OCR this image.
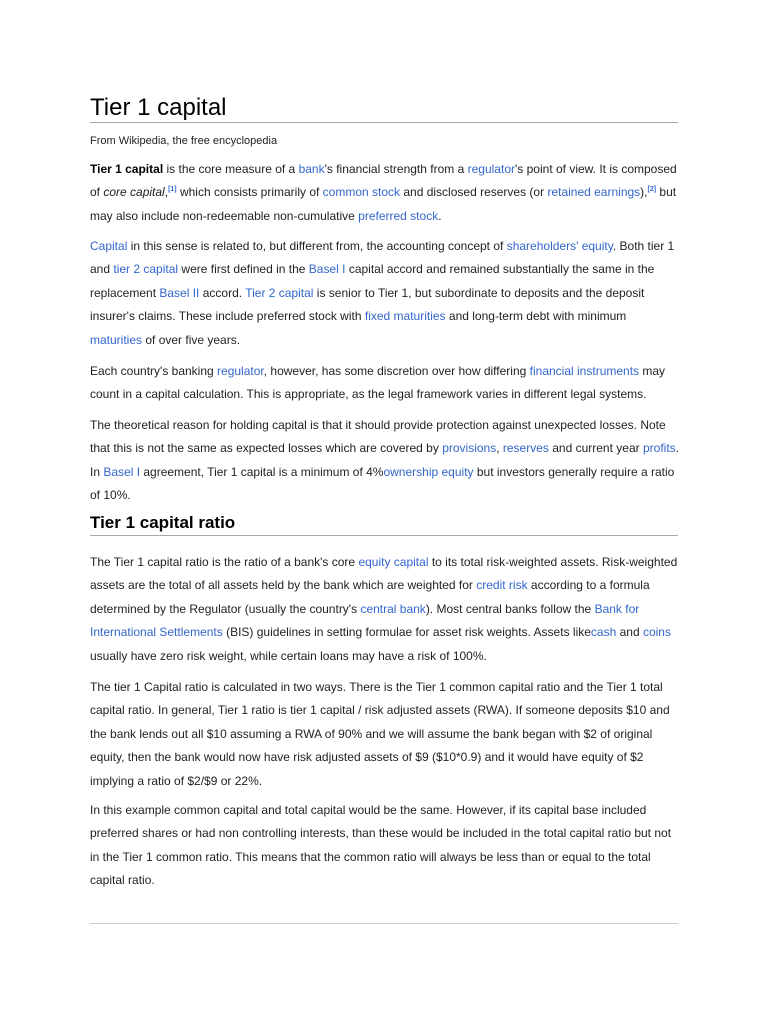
Tier 1 capital
From Wikipedia, the free encyclopedia

Tier 1 capital is the core measure of a bank's financial strength from a regulator's point of view. It is composed of core capital,[1] which consists primarily of common stock and disclosed reserves (or retained earnings),[2] but may also include non-redeemable non-cumulative preferred stock.

Capital in this sense is related to, but different from, the accounting concept of shareholders' equity. Both tier 1 and tier 2 capital were first defined in the Basel I capital accord and remained substantially the same in the replacement Basel II accord. Tier 2 capital is senior to Tier 1, but subordinate to deposits and the deposit insurer's claims. These include preferred stock with fixed maturities and long-term debt with minimum maturities of over five years.

Each country's banking regulator, however, has some discretion over how differing financial instruments may count in a capital calculation. This is appropriate, as the legal framework varies in different legal systems.

The theoretical reason for holding capital is that it should provide protection against unexpected losses. Note that this is not the same as expected losses which are covered by provisions, reserves and current year profits. In Basel I agreement, Tier 1 capital is a minimum of 4%ownership equity but investors generally require a ratio of 10%.

Tier 1 capital ratio

The Tier 1 capital ratio is the ratio of a bank's core equity capital to its total risk-weighted assets. Risk-weighted assets are the total of all assets held by the bank which are weighted for credit risk according to a formula determined by the Regulator (usually the country's central bank). Most central banks follow the Bank for International Settlements (BIS) guidelines in setting formulae for asset risk weights. Assets likecash and coins usually have zero risk weight, while certain loans may have a risk of 100%.

The tier 1 Capital ratio is calculated in two ways. There is the Tier 1 common capital ratio and the Tier 1 total capital ratio. In general, Tier 1 ratio is tier 1 capital / risk adjusted assets (RWA). If someone deposits $10 and the bank lends out all $10 assuming a RWA of 90% and we will assume the bank began with $2 of original equity, then the bank would now have risk adjusted assets of $9 ($10*0.9) and it would have equity of $2 implying a ratio of $2/$9 or 22%.

In this example common capital and total capital would be the same. However, if its capital base included preferred shares or had non controlling interests, than these would be included in the total capital ratio but not in the Tier 1 common ratio. This means that the common ratio will always be less than or equal to the total capital ratio.
